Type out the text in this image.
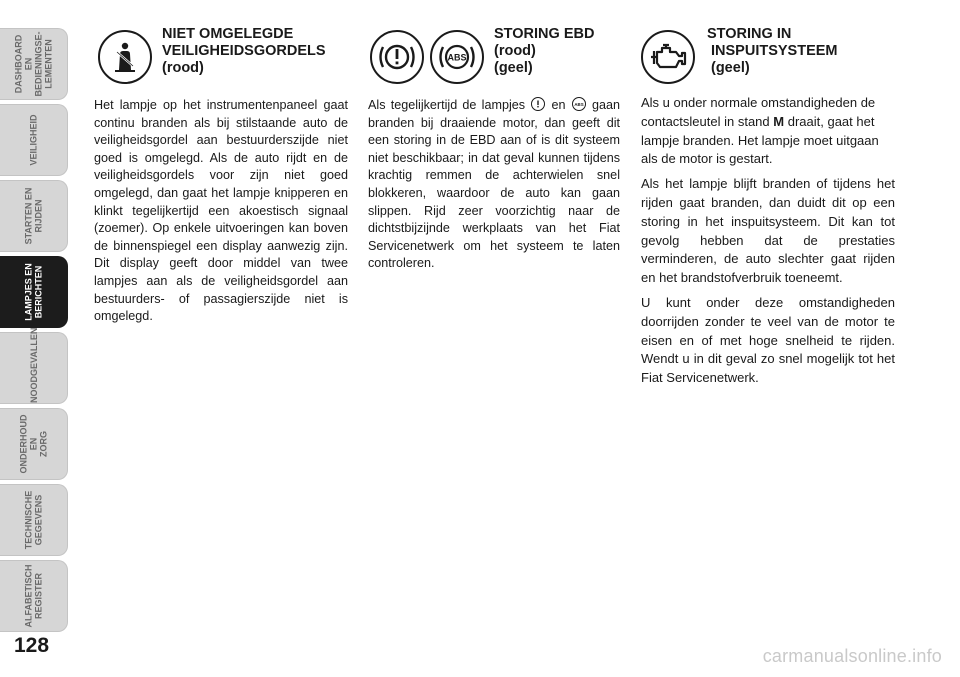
DASHBOARD EN
BEDIENINGSE-
LEMENTEN
VEILIGHEID
STARTEN EN
RIJDEN
LAMPJES EN
BERICHTEN
NOODGEVALLEN
ONDERHOUD EN
ZORG
TECHNISCHE
GEGEVENS
ALFABETISCH
REGISTER
128
NIET OMGELEGDE
VEILIGHEIDSGORDELS
(rood)

Het lampje op het instrumentenpaneel gaat continu branden als bij stilstaande auto de veiligheidsgordel aan bestuurderszijde niet goed is omgelegd. Als de auto rijdt en de veiligheidsgordels voor zijn niet goed omgelegd, dan gaat het lampje knipperen en klinkt tegelijkertijd een akoestisch signaal (zoemer). Op enkele uitvoeringen kan boven de binnenspiegel een display aanwezig zijn. Dit display geeft door middel van twee lampjes aan als de veiligheidsgordel aan bestuurders- of passagierszijde niet is omgelegd.

ABS
STORING EBD
(rood)
(geel)

Als tegelijkertijd de lampjes en ABS gaan branden bij draaiende motor, dan geeft dit een storing in de EBD aan of is dit systeem niet beschikbaar; in dat geval kunnen tijdens krachtig remmen de achterwielen snel blokkeren, waardoor de auto kan gaan slippen. Rijd zeer voorzichtig naar de dichtstbijzijnde werkplaats van het Fiat Servicenetwerk om het systeem te laten controleren.

STORING IN
INSPUITSYSTEEM
(geel)

Als u onder normale omstandigheden de contactsleutel in stand M draait, gaat het lampje branden. Het lampje moet uitgaan als de motor is gestart.

Als het lampje blijft branden of tijdens het rijden gaat branden, dan duidt dit op een storing in het inspuitsysteem. Dit kan tot gevolg hebben dat de prestaties verminderen, de auto slechter gaat rijden en het brandstofverbruik toeneemt.

U kunt onder deze omstandigheden doorrijden zonder te veel van de motor te eisen en of met hoge snelheid te rijden. Wendt u in dit geval zo snel mogelijk tot het Fiat Servicenetwerk.

carmanualsonline.info
